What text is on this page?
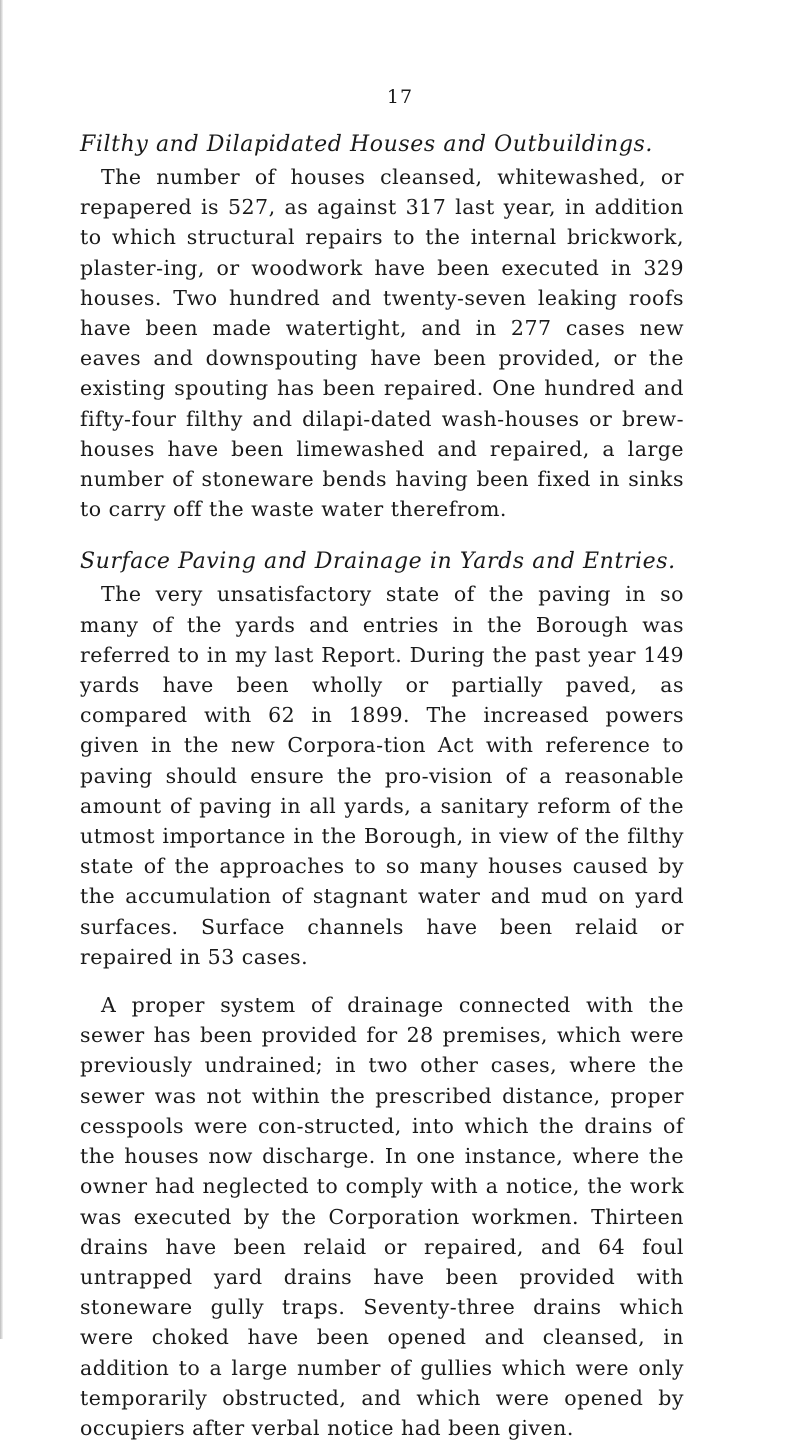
17
Filthy and Dilapidated Houses and Outbuildings.

The number of houses cleansed, whitewashed, or repapered is 527, as against 317 last year, in addition to which structural repairs to the internal brickwork, plaster-ing, or woodwork have been executed in 329 houses. Two hundred and twenty-seven leaking roofs have been made watertight, and in 277 cases new eaves and downspouting have been provided, or the existing spouting has been repaired. One hundred and fifty-four filthy and dilapi-dated wash-houses or brew-houses have been limewashed and repaired, a large number of stoneware bends having been fixed in sinks to carry off the waste water therefrom.

Surface Paving and Drainage in Yards and Entries.

The very unsatisfactory state of the paving in so many of the yards and entries in the Borough was referred to in my last Report. During the past year 149 yards have been wholly or partially paved, as compared with 62 in 1899. The increased powers given in the new Corpora-tion Act with reference to paving should ensure the pro-vision of a reasonable amount of paving in all yards, a sanitary reform of the utmost importance in the Borough, in view of the filthy state of the approaches to so many houses caused by the accumulation of stagnant water and mud on yard surfaces. Surface channels have been relaid or repaired in 53 cases.

A proper system of drainage connected with the sewer has been provided for 28 premises, which were previously undrained; in two other cases, where the sewer was not within the prescribed distance, proper cesspools were con-structed, into which the drains of the houses now discharge. In one instance, where the owner had neglected to comply with a notice, the work was executed by the Corporation workmen. Thirteen drains have been relaid or repaired, and 64 foul untrapped yard drains have been provided with stoneware gully traps. Seventy-three drains which were choked have been opened and cleansed, in addition to a large number of gullies which were only temporarily obstructed, and which were opened by occupiers after verbal notice had been given.
